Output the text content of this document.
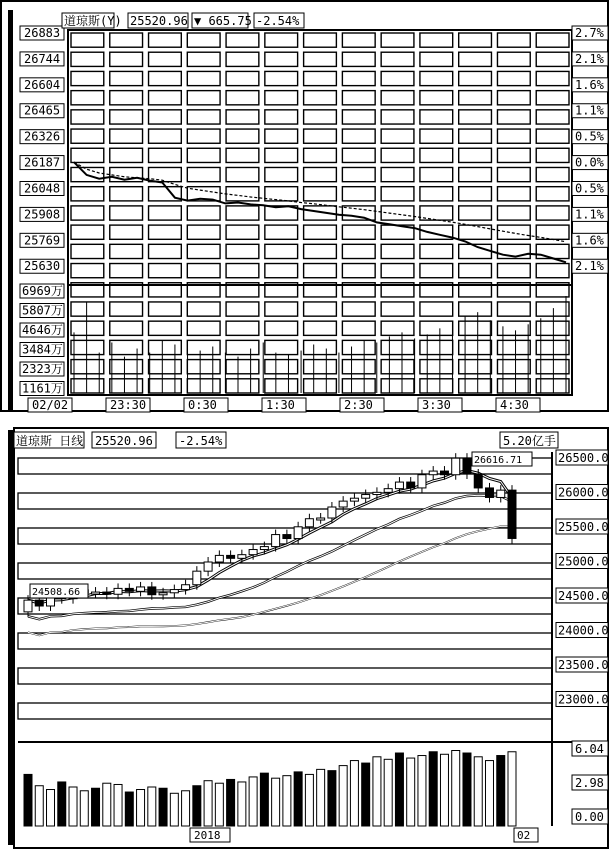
26883
26744
26604
26465
26326
26187
26048
25908
25769
25630
2.7%
2.1%
1.6%
1.1%
0.5%
0.0%
0.5%
1.1%
1.6%
2.1%
6969万
5807万
4646万
3484万
2323万
1161万
02/02	23:30	0:30	1:30	2:30	3:30	4:30
道琼斯(Y) 25520.96 ▼ 665.75 -2.54%
26500.0
26000.0
25500.0
25000.0
24500.0
24000.0
23500.0
23000.0
6.04
2.98
0.00
道琼斯 日线 25520.96 -2.54%	5.20亿手
26616.71
24508.66
2018	02
